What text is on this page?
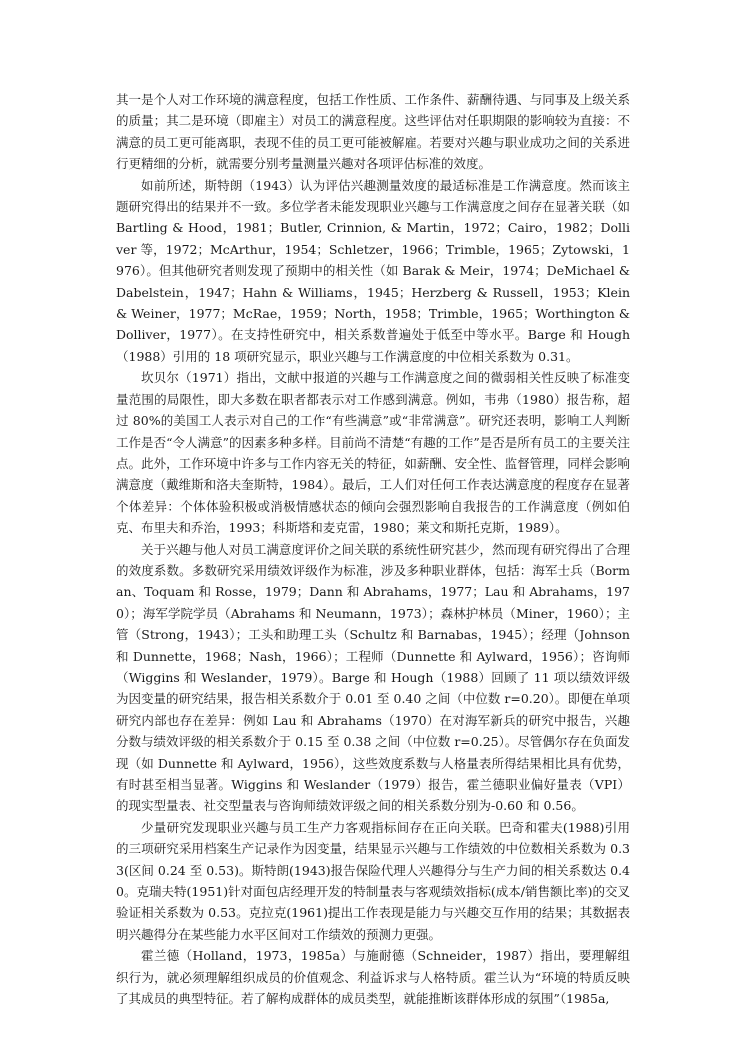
其一是个人对工作环境的满意程度，包括工作性质、工作条件、薪酬待遇、与同事及上级关系的质量；其二是环境（即雇主）对员工的满意程度。这些评估对任职期限的影响较为直接：不满意的员工更可能离职，表现不佳的员工更可能被解雇。若要对兴趣与职业成功之间的关系进行更精细的分析，就需要分别考量测量兴趣对各项评估标准的效度。

如前所述，斯特朗（1943）认为评估兴趣测量效度的最适标准是工作满意度。然而该主题研究得出的结果并不一致。多位学者未能发现职业兴趣与工作满意度之间存在显著关联（如 Bartling & Hood，1981；Butler, Crinnion, & Martin，1972；Cairo，1982；Dolliver 等，1972；McArthur，1954；Schletzer，1966；Trimble，1965；Zytowski，1976）。但其他研究者则发现了预期中的相关性（如 Barak & Meir，1974；DeMichael & Dabelstein，1947；Hahn & Williams，1945；Herzberg & Russell，1953；Klein & Weiner，1977；McRae，1959；North，1958；Trimble，1965；Worthington & Dolliver，1977）。在支持性研究中，相关系数普遍处于低至中等水平。Barge 和 Hough（1988）引用的 18 项研究显示，职业兴趣与工作满意度的中位相关系数为 0.31。

坎贝尔（1971）指出，文献中报道的兴趣与工作满意度之间的微弱相关性反映了标准变量范围的局限性，即大多数在职者都表示对工作感到满意。例如，韦弗（1980）报告称，超过 80%的美国工人表示对自己的工作“有些满意”或“非常满意”。研究还表明，影响工人判断工作是否“令人满意”的因素多种多样。目前尚不清楚“有趣的工作”是否是所有员工的主要关注点。此外，工作环境中许多与工作内容无关的特征，如薪酬、安全性、监督管理，同样会影响满意度（戴维斯和洛夫奎斯特，1984）。最后，工人们对任何工作表达满意度的程度存在显著个体差异：个体体验积极或消极情感状态的倾向会强烈影响自我报告的工作满意度（例如伯克、布里夫和乔治，1993；科斯塔和麦克雷，1980；莱文和斯托克斯，1989）。

关于兴趣与他人对员工满意度评价之间关联的系统性研究甚少，然而现有研究得出了合理的效度系数。多数研究采用绩效评级作为标准，涉及多种职业群体，包括：海军士兵（Borman、Toquam 和 Rosse，1979；Dann 和 Abrahams，1977；Lau 和 Abrahams，1970）；海军学院学员（Abrahams 和 Neumann，1973）；森林护林员（Miner，1960）；主管（Strong，1943）；工头和助理工头（Schultz 和 Barnabas，1945）；经理（Johnson 和 Dunnette，1968；Nash，1966）；工程师（Dunnette 和 Aylward，1956）；咨询师（Wiggins 和 Weslander，1979）。Barge 和 Hough（1988）回顾了 11 项以绩效评级为因变量的研究结果，报告相关系数介于 0.01 至 0.40 之间（中位数 r=0.20）。即便在单项研究内部也存在差异：例如 Lau 和 Abrahams（1970）在对海军新兵的研究中报告，兴趣分数与绩效评级的相关系数介于 0.15 至 0.38 之间（中位数 r=0.25）。尽管偶尔存在负面发现（如 Dunnette 和 Aylward，1956），这些效度系数与人格量表所得结果相比具有优势，有时甚至相当显著。Wiggins 和 Weslander（1979）报告，霍兰德职业偏好量表（VPI）的现实型量表、社交型量表与咨询师绩效评级之间的相关系数分别为-0.60 和 0.56。

少量研究发现职业兴趣与员工生产力客观指标间存在正向关联。巴奇和霍夫(1988)引用的三项研究采用档案生产记录作为因变量，结果显示兴趣与工作绩效的中位数相关系数为 0.33(区间 0.24 至 0.53)。斯特朗(1943)报告保险代理人兴趣得分与生产力间的相关系数达 0.40。克瑞夫特(1951)针对面包店经理开发的特制量表与客观绩效指标(成本/销售额比率)的交叉验证相关系数为 0.53。克拉克(1961)提出工作表现是能力与兴趣交互作用的结果；其数据表明兴趣得分在某些能力水平区间对工作绩效的预测力更强。

霍兰德（Holland，1973，1985a）与施耐德（Schneider，1987）指出，要理解组织行为，就必须理解组织成员的价值观念、利益诉求与人格特质。霍兰认为“环境的特质反映了其成员的典型特征。若了解构成群体的成员类型，就能推断该群体形成的氛围”（1985a,
